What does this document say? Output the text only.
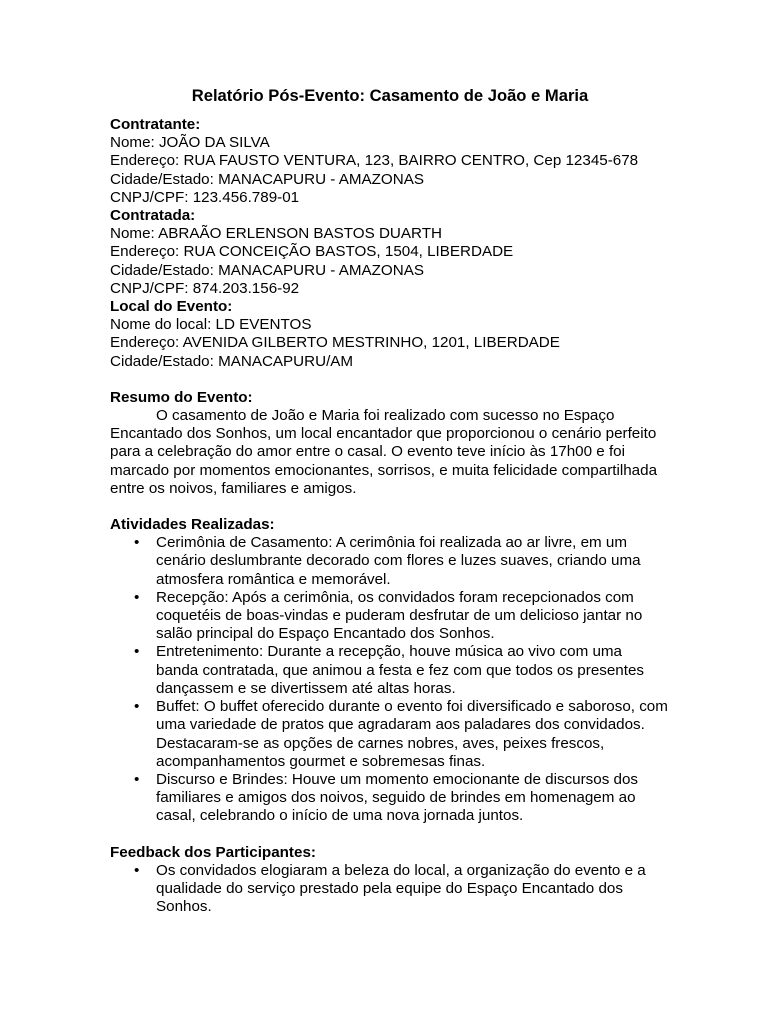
Relatório Pós-Evento: Casamento de João e Maria
Contratante:
Nome: JOÃO DA SILVA
Endereço: RUA FAUSTO VENTURA, 123, BAIRRO CENTRO, Cep 12345-678
Cidade/Estado: MANACAPURU - AMAZONAS
CNPJ/CPF: 123.456.789-01
Contratada:
Nome: ABRAÃO ERLENSON BASTOS DUARTH
Endereço: RUA CONCEIÇÃO BASTOS, 1504, LIBERDADE
Cidade/Estado: MANACAPURU - AMAZONAS
CNPJ/CPF: 874.203.156-92
Local do Evento:
Nome do local: LD EVENTOS
Endereço: AVENIDA GILBERTO MESTRINHO, 1201, LIBERDADE
Cidade/Estado: MANACAPURU/AM
Resumo do Evento:
O casamento de João e Maria foi realizado com sucesso no Espaço Encantado dos Sonhos, um local encantador que proporcionou o cenário perfeito para a celebração do amor entre o casal. O evento teve início às 17h00 e foi marcado por momentos emocionantes, sorrisos, e muita felicidade compartilhada entre os noivos, familiares e amigos.
Atividades Realizadas:
• Cerimônia de Casamento: A cerimônia foi realizada ao ar livre, em um cenário deslumbrante decorado com flores e luzes suaves, criando uma atmosfera romântica e memorável.
• Recepção: Após a cerimônia, os convidados foram recepcionados com coquetéis de boas-vindas e puderam desfrutar de um delicioso jantar no salão principal do Espaço Encantado dos Sonhos.
• Entretenimento: Durante a recepção, houve música ao vivo com uma banda contratada, que animou a festa e fez com que todos os presentes dançassem e se divertissem até altas horas.
• Buffet: O buffet oferecido durante o evento foi diversificado e saboroso, com uma variedade de pratos que agradaram aos paladares dos convidados. Destacaram-se as opções de carnes nobres, aves, peixes frescos, acompanhamentos gourmet e sobremesas finas.
• Discurso e Brindes: Houve um momento emocionante de discursos dos familiares e amigos dos noivos, seguido de brindes em homenagem ao casal, celebrando o início de uma nova jornada juntos.
Feedback dos Participantes:
• Os convidados elogiaram a beleza do local, a organização do evento e a qualidade do serviço prestado pela equipe do Espaço Encantado dos Sonhos.
